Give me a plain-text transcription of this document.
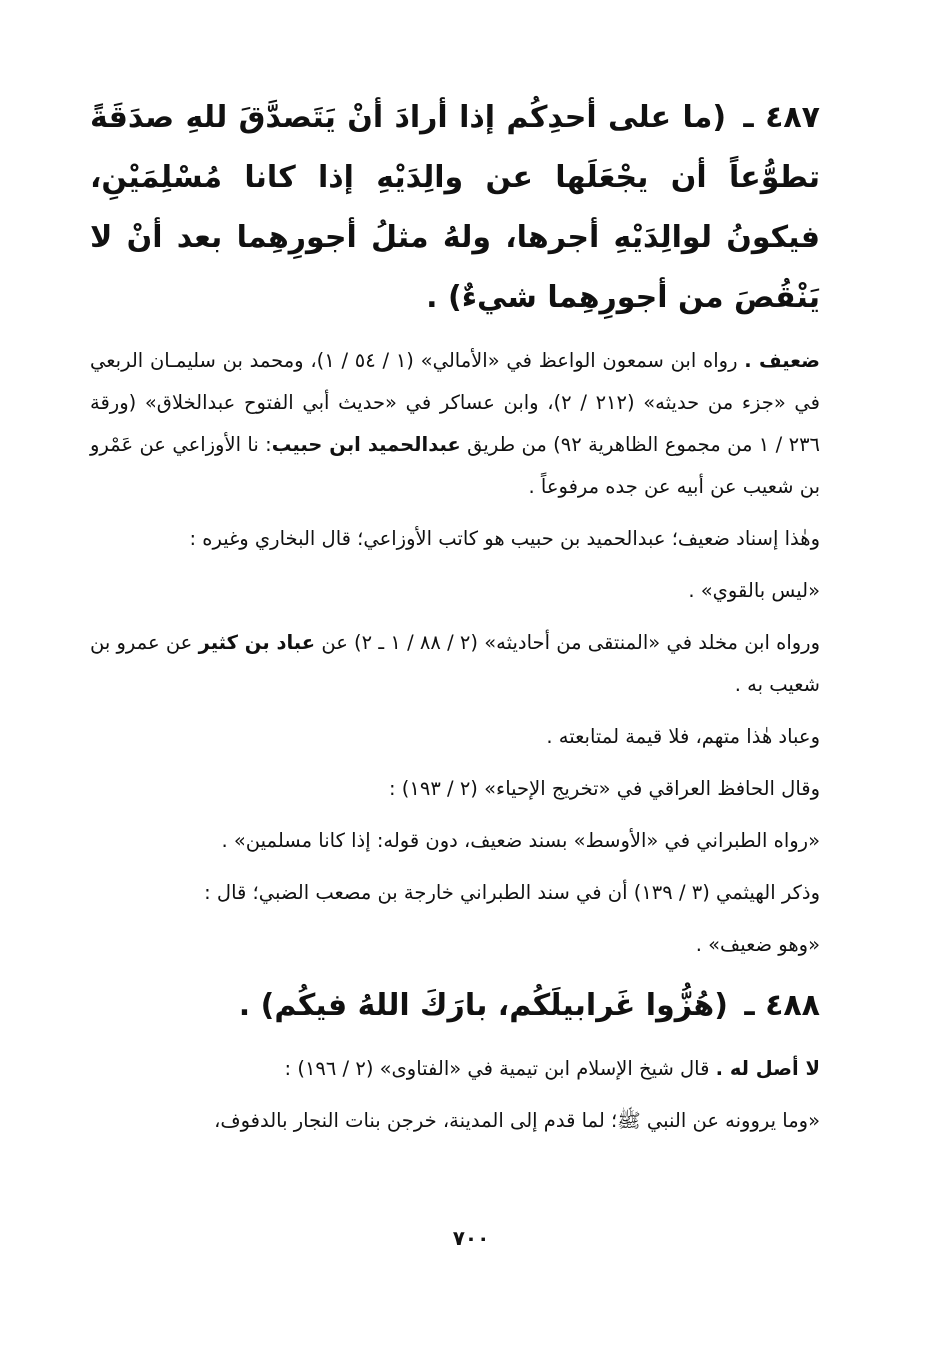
٤٨٧ ـ (ما على أحدِكُم إذا أرادَ أنْ يَتَصدَّقَ للهِ صدَقَةً تطوُّعاً أن يجْعَلَها عن والِدَيْهِ إذا كانا مُسْلِمَيْنِ، فيكونُ لوالِدَيْهِ أجرها، ولهُ مثلُ أجورِهِما بعد أنْ لا يَنْقُصَ من أجورِهِما شيءٌ) .

ضعيف . رواه ابن سمعون الواعظ في «الأمالي» (١ / ٥٤ / ١)، ومحمد بن سليمـان الربعي في «جزء من حديثه» (٢١٢ / ٢)، وابن عساكر في «حديث أبي الفتوح عبدالخلاق» (ورقة ٢٣٦ / ١ من مجموع الظاهرية ٩٢) من طريق عبدالحميد ابن حبيب: نا الأوزاعي عن عَمْرو بن شعيب عن أبيه عن جده مرفوعاً .

وهٰذا إسناد ضعيف؛ عبدالحميد بن حبيب هو كاتب الأوزاعي؛ قال البخاري وغيره :

«ليس بالقوي» .

ورواه ابن مخلد في «المنتقى من أحاديثه» (٢ / ٨٨ / ١ ـ ٢) عن عباد بن كثير عن عمرو بن شعيب به .

وعباد هٰذا متهم، فلا قيمة لمتابعته .

وقال الحافظ العراقي في «تخريج الإحياء» (٢ / ١٩٣) :

«رواه الطبراني في «الأوسط» بسند ضعيف، دون قوله: إذا كانا مسلمين» .

وذكر الهيثمي (٣ / ١٣٩) أن في سند الطبراني خارجة بن مصعب الضبي؛ قال :

«وهو ضعيف» .

٤٨٨ ـ (هُزُّوا غَرابيلَكُم، بارَكَ اللهُ فيكُم) .

لا أصل له . قال شيخ الإسلام ابن تيمية في «الفتاوى» (٢ / ١٩٦) :

«وما يروونه عن النبي ﷺ؛ لما قدم إلى المدينة، خرجن بنات النجار بالدفوف،

٧٠٠
